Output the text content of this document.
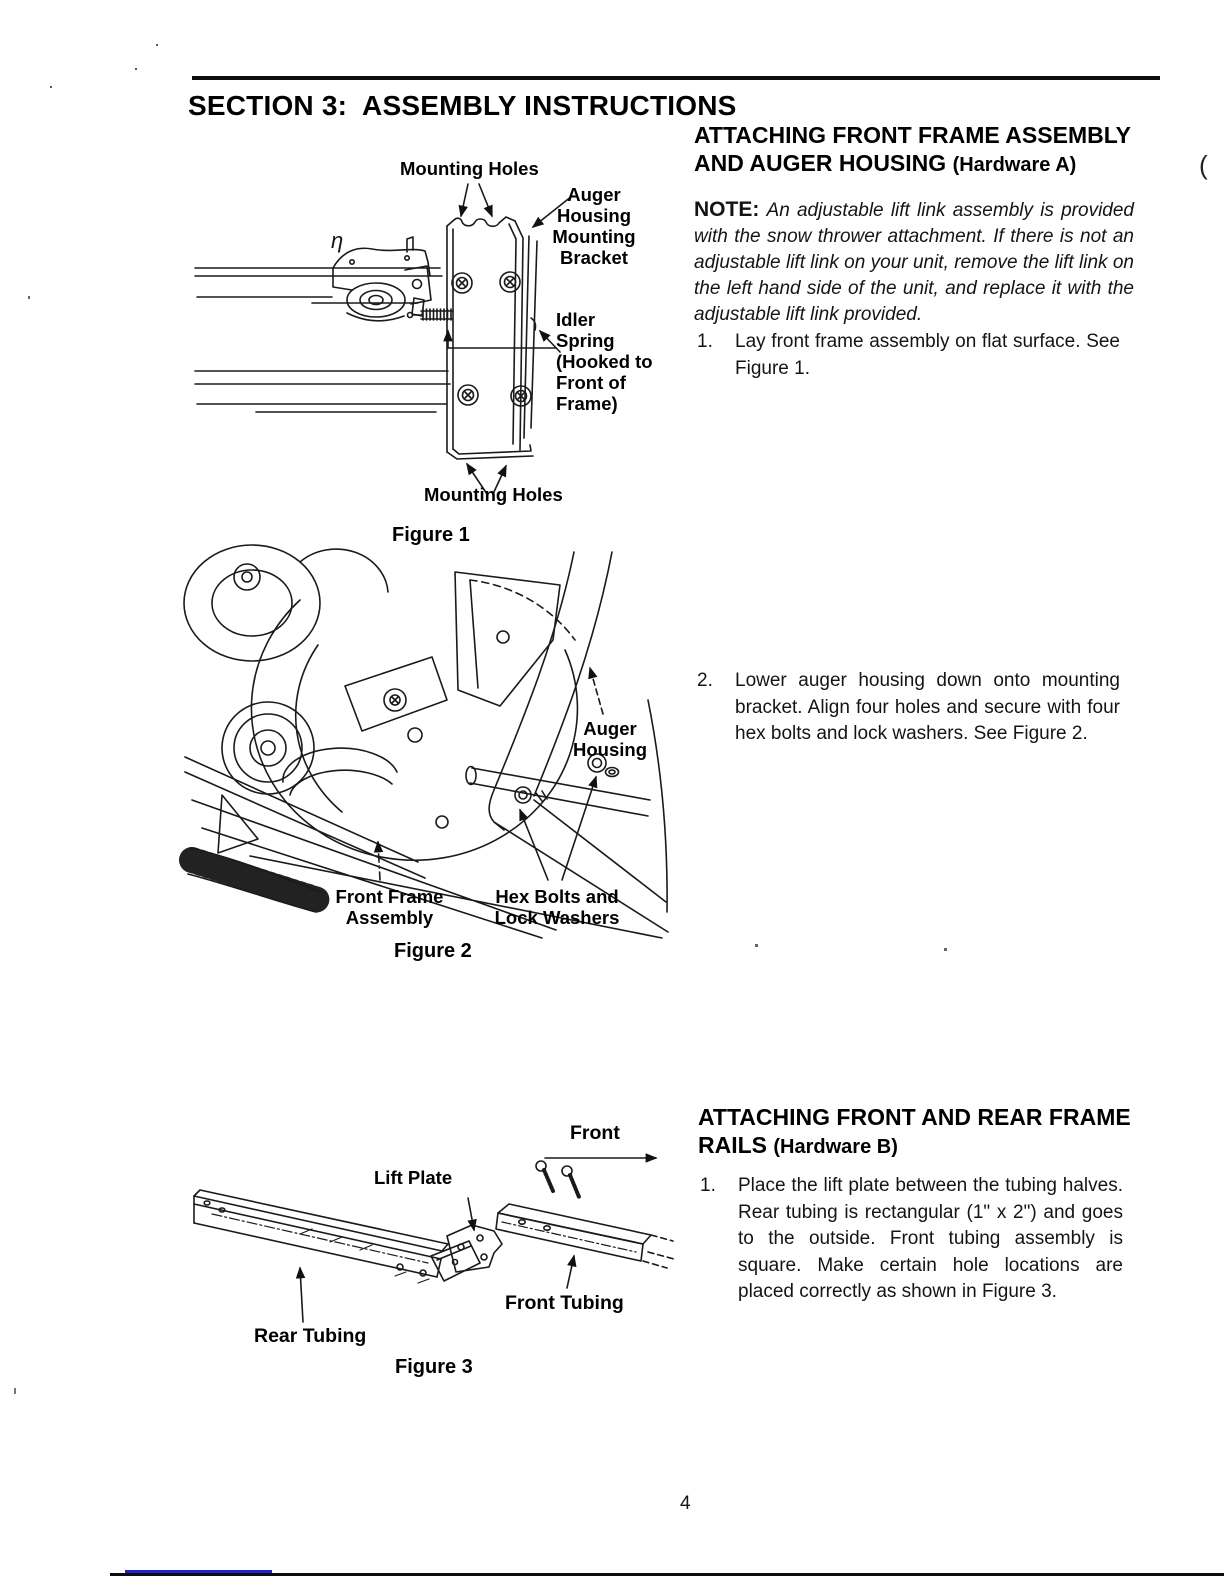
SECTION 3:  ASSEMBLY INSTRUCTIONS
ATTACHING FRONT FRAME ASSEMBLY
AND AUGER HOUSING (Hardware A)
NOTE: An adjustable lift link assembly is provided with the snow thrower attachment. If there is not an adjustable lift link on your unit, remove the lift link on the left hand side of the unit, and replace it with the adjustable lift link provided.
1.	Lay front frame assembly on flat surface. See Figure 1.
2.	Lower auger housing down onto mounting bracket. Align four holes and secure with four hex bolts and lock washers. See Figure 2.
ATTACHING FRONT AND REAR FRAME
RAILS (Hardware B)
1.	Place the lift plate between the tubing halves. Rear tubing is rectangular (1" x 2") and goes to the outside. Front tubing assembly is square. Make certain hole locations are placed correctly as shown in Figure 3.
Mounting Holes
Auger Housing Mounting Bracket
Idler Spring (Hooked to Front of Frame)
Mounting Holes
η
Figure 1
Auger Housing
Front Frame Assembly
Hex Bolts and Lock Washers
Figure 2
Front
Lift Plate
Front Tubing
Rear Tubing
Figure 3
4
(
